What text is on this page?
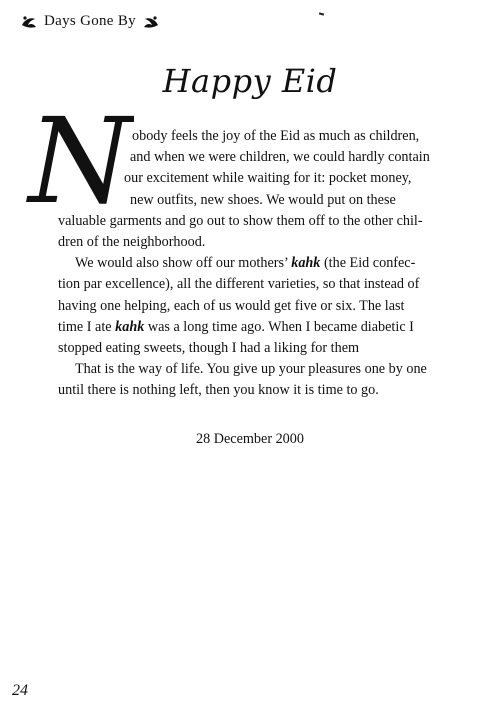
Days Gone By
Happy Eid
N obody feels the joy of the Eid as much as children,
and when we were children, we could hardly contain
our excitement while waiting for it: pocket money,
new outfits, new shoes. We would put on these
valuable garments and go out to show them off to the other chil-
dren of the neighborhood.
We would also show off our mothers’ kahk (the Eid confec-
tion par excellence), all the different varieties, so that instead of
having one helping, each of us would get five or six. The last
time I ate kahk was a long time ago. When I became diabetic I
stopped eating sweets, though I had a liking for them
That is the way of life. You give up your pleasures one by one
until there is nothing left, then you know it is time to go.
28 December 2000
24
